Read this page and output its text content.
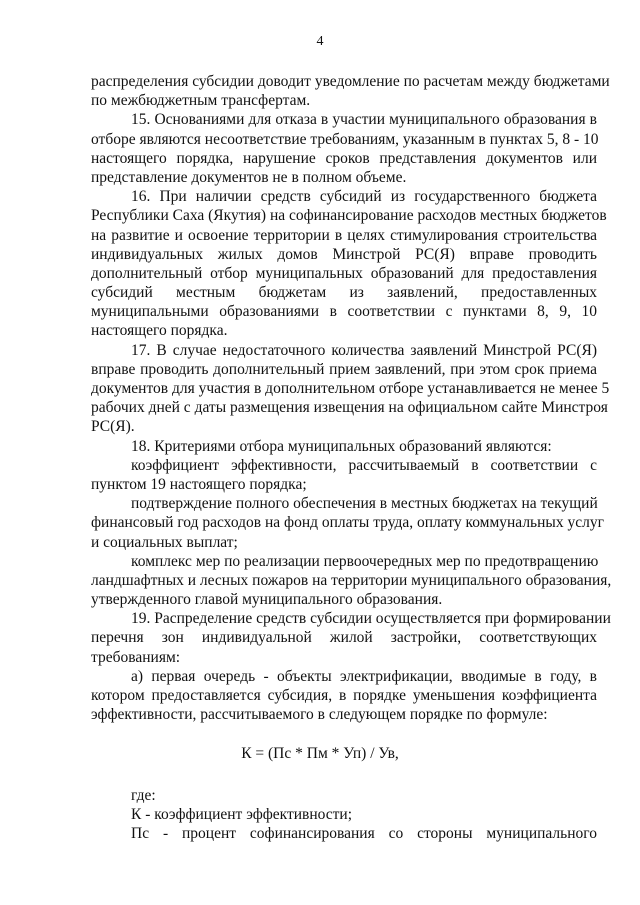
4
распределения субсидии доводит уведомление по расчетам между бюджетами
по межбюджетным трансфертам.
15. Основаниями для отказа в участии муниципального образования в
отборе являются несоответствие требованиям, указанным в пунктах 5, 8 - 10
настоящего порядка, нарушение сроков представления документов или
представление документов не в полном объеме.
16. При наличии средств субсидий из государственного бюджета
Республики Саха (Якутия) на софинансирование расходов местных бюджетов
на развитие и освоение территории в целях стимулирования строительства
индивидуальных жилых домов Минстрой РС(Я) вправе проводить
дополнительный отбор муниципальных образований для предоставления
субсидий местным бюджетам из заявлений, предоставленных
муниципальными образованиями в соответствии с пунктами 8, 9, 10
настоящего порядка.
17. В случае недостаточного количества заявлений Минстрой РС(Я)
вправе проводить дополнительный прием заявлений, при этом срок приема
документов для участия в дополнительном отборе устанавливается не менее 5
рабочих дней с даты размещения извещения на официальном сайте Минстроя
РС(Я).
18. Критериями отбора муниципальных образований являются:
коэффициент эффективности, рассчитываемый в соответствии с
пунктом 19 настоящего порядка;
подтверждение полного обеспечения в местных бюджетах на текущий
финансовый год расходов на фонд оплаты труда, оплату коммунальных услуг
и социальных выплат;
комплекс мер по реализации первоочередных мер по предотвращению
ландшафтных и лесных пожаров на территории муниципального образования,
утвержденного главой муниципального образования.
19. Распределение средств субсидии осуществляется при формировании
перечня зон индивидуальной жилой застройки, соответствующих
требованиям:
а) первая очередь - объекты электрификации, вводимые в году, в
котором предоставляется субсидия, в порядке уменьшения коэффициента
эффективности, рассчитываемого в следующем порядке по формуле:
К = (Пс * Пм * Уп) / Ув,
где:
К - коэффициент эффективности;
Пс - процент софинансирования со стороны муниципального
